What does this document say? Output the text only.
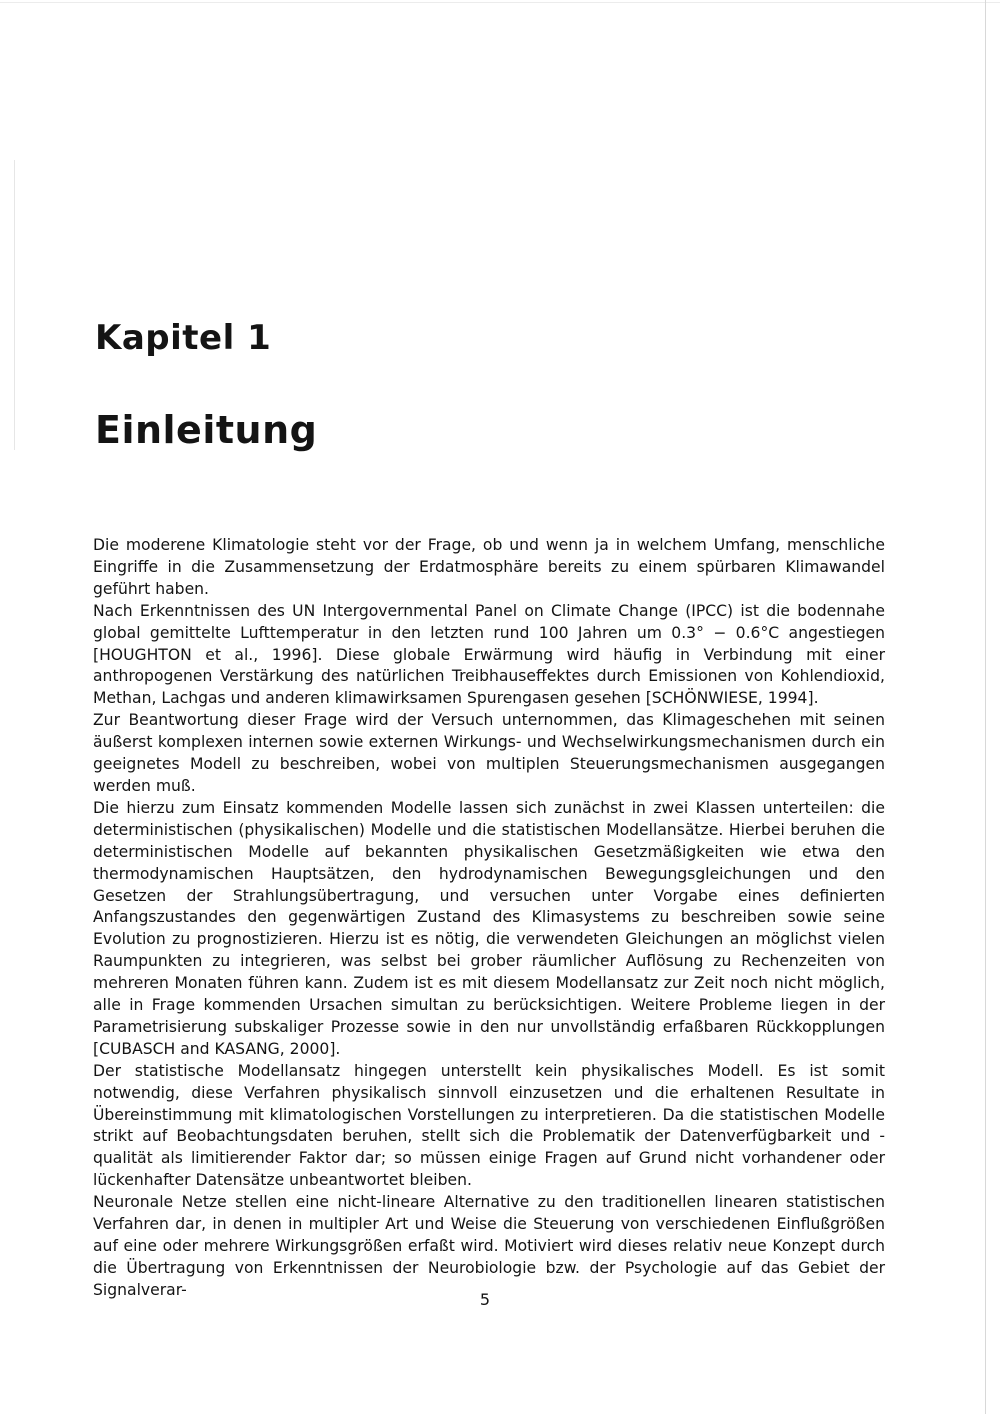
Kapitel 1
Einleitung

Die moderene Klimatologie steht vor der Frage, ob und wenn ja in welchem Umfang, menschliche Eingriffe in die Zusammensetzung der Erdatmosphäre bereits zu einem spürbaren Klimawandel geführt haben.

Nach Erkenntnissen des UN Intergovernmental Panel on Climate Change (IPCC) ist die bodennahe global gemittelte Lufttemperatur in den letzten rund 100 Jahren um 0.3° − 0.6°C angestiegen [HOUGHTON et al., 1996]. Diese globale Erwärmung wird häufig in Verbindung mit einer anthropogenen Verstärkung des natürlichen Treibhauseffektes durch Emissionen von Kohlendioxid, Methan, Lachgas und anderen klimawirksamen Spurengasen gesehen [SCHÖNWIESE, 1994].

Zur Beantwortung dieser Frage wird der Versuch unternommen, das Klimageschehen mit seinen äußerst komplexen internen sowie externen Wirkungs- und Wechselwirkungsmechanismen durch ein geeignetes Modell zu beschreiben, wobei von multiplen Steuerungsmechanismen ausgegangen werden muß.

Die hierzu zum Einsatz kommenden Modelle lassen sich zunächst in zwei Klassen unterteilen: die deterministischen (physikalischen) Modelle und die statistischen Modellansätze. Hierbei beruhen die deterministischen Modelle auf bekannten physikalischen Gesetzmäßigkeiten wie etwa den thermodynamischen Hauptsätzen, den hydrodynamischen Bewegungsgleichungen und den Gesetzen der Strahlungsübertragung, und versuchen unter Vorgabe eines definierten Anfangszustandes den gegenwärtigen Zustand des Klimasystems zu beschreiben sowie seine Evolution zu prognostizieren. Hierzu ist es nötig, die verwendeten Gleichungen an möglichst vielen Raumpunkten zu integrieren, was selbst bei grober räumlicher Auflösung zu Rechenzeiten von mehreren Monaten führen kann. Zudem ist es mit diesem Modellansatz zur Zeit noch nicht möglich, alle in Frage kommenden Ursachen simultan zu berücksichtigen. Weitere Probleme liegen in der Parametrisierung subskaliger Prozesse sowie in den nur unvollständig erfaßbaren Rückkopplungen [CUBASCH and KASANG, 2000].

Der statistische Modellansatz hingegen unterstellt kein physikalisches Modell. Es ist somit notwendig, diese Verfahren physikalisch sinnvoll einzusetzen und die erhaltenen Resultate in Übereinstimmung mit klimatologischen Vorstellungen zu interpretieren. Da die statistischen Modelle strikt auf Beobachtungsdaten beruhen, stellt sich die Problematik der Datenverfügbarkeit und -qualität als limitierender Faktor dar; so müssen einige Fragen auf Grund nicht vorhandener oder lückenhafter Datensätze unbeantwortet bleiben.

Neuronale Netze stellen eine nicht-lineare Alternative zu den traditionellen linearen statistischen Verfahren dar, in denen in multipler Art und Weise die Steuerung von verschiedenen Einflußgrößen auf eine oder mehrere Wirkungsgrößen erfaßt wird. Motiviert wird dieses relativ neue Konzept durch die Übertragung von Erkenntnissen der Neurobiologie bzw. der Psychologie auf das Gebiet der Signalverar-

5
